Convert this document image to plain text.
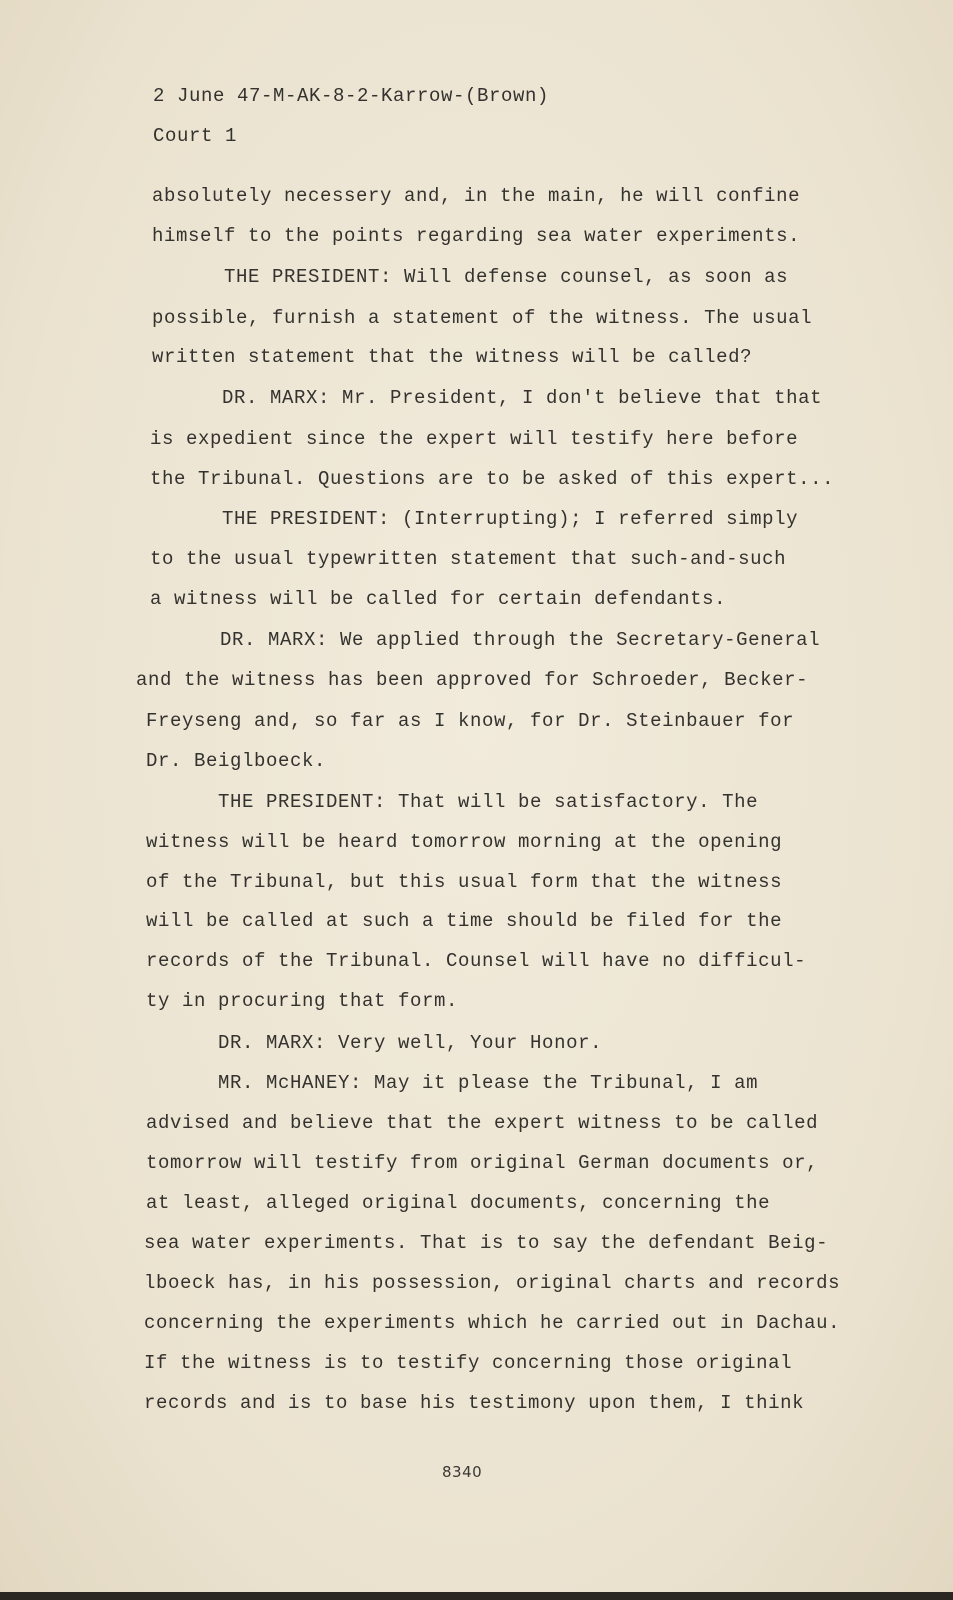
2 June 47-M-AK-8-2-Karrow-(Brown)
Court 1
absolutely necessery and, in the main, he will confine
himself to the points regarding sea water experiments.
THE PRESIDENT: Will defense counsel, as soon as
possible, furnish a statement of the witness. The usual
written statement that the witness will be called?
DR. MARX: Mr. President, I don't believe that that
is expedient since the expert will testify here before
the Tribunal. Questions are to be asked of this expert...
THE PRESIDENT: (Interrupting); I referred simply
to the usual typewritten statement that such-and-such
a witness will be called for certain defendants.
DR. MARX: We applied through the Secretary-General
and the witness has been approved for Schroeder, Becker-
Freyseng and, so far as I know, for Dr. Steinbauer for
Dr. Beiglboeck.
THE PRESIDENT: That will be satisfactory. The
witness will be heard tomorrow morning at the opening
of the Tribunal, but this usual form that the witness
will be called at such a time should be filed for the
records of the Tribunal. Counsel will have no difficul-
ty in procuring that form.
DR. MARX: Very well, Your Honor.
MR. McHANEY: May it please the Tribunal, I am
advised and believe that the expert witness to be called
tomorrow will testify from original German documents or,
at least, alleged original documents, concerning the
sea water experiments. That is to say the defendant Beig-
lboeck has, in his possession, original charts and records
concerning the experiments which he carried out in Dachau.
If the witness is to testify concerning those original
records and is to base his testimony upon them, I think
8340
